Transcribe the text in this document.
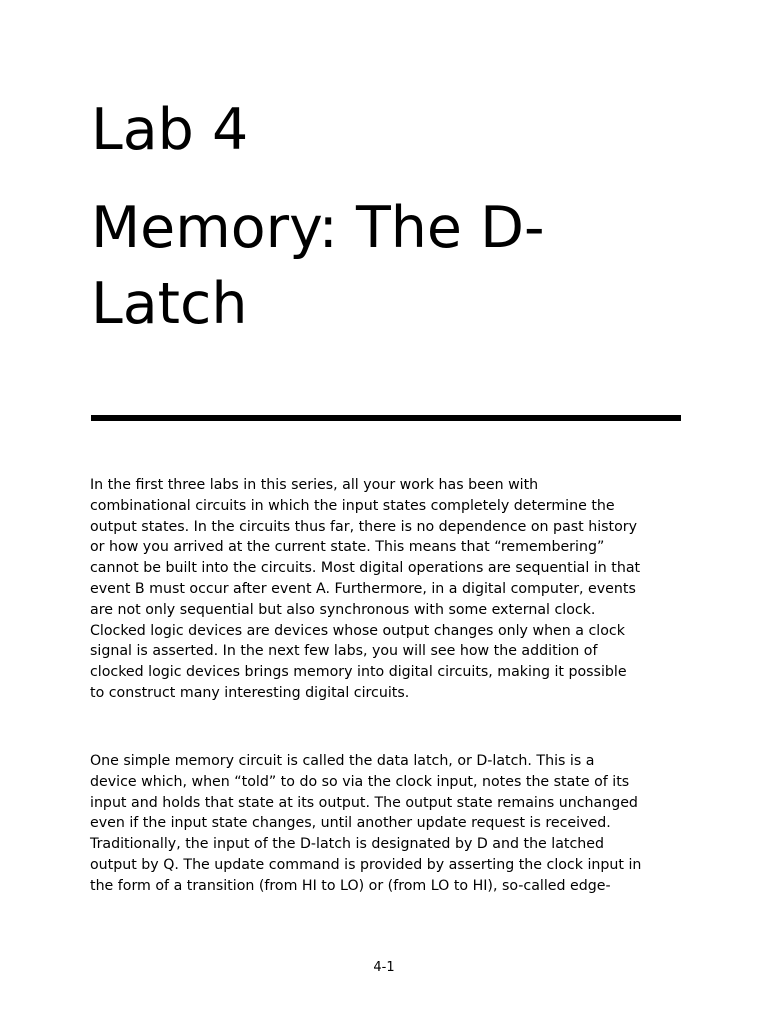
Lab 4
Memory: The D-
Latch

In the first three labs in this series, all your work has been with
combinational circuits in which the input states completely determine the
output states. In the circuits thus far, there is no dependence on past history
or how you arrived at the current state. This means that “remembering”
cannot be built into the circuits. Most digital operations are sequential in that
event B must occur after event A. Furthermore, in a digital computer, events
are not only sequential but also synchronous with some external clock.
Clocked logic devices are devices whose output changes only when a clock
signal is asserted. In the next few labs, you will see how the addition of
clocked logic devices brings memory into digital circuits, making it possible
to construct many interesting digital circuits.

One simple memory circuit is called the data latch, or D-latch. This is a
device which, when “told” to do so via the clock input, notes the state of its
input and holds that state at its output. The output state remains unchanged
even if the input state changes, until another update request is received.
Traditionally, the input of the D-latch is designated by D and the latched
output by Q. The update command is provided by asserting the clock input in
the form of a transition (from HI to LO) or (from LO to HI), so-called edge-

4-1
